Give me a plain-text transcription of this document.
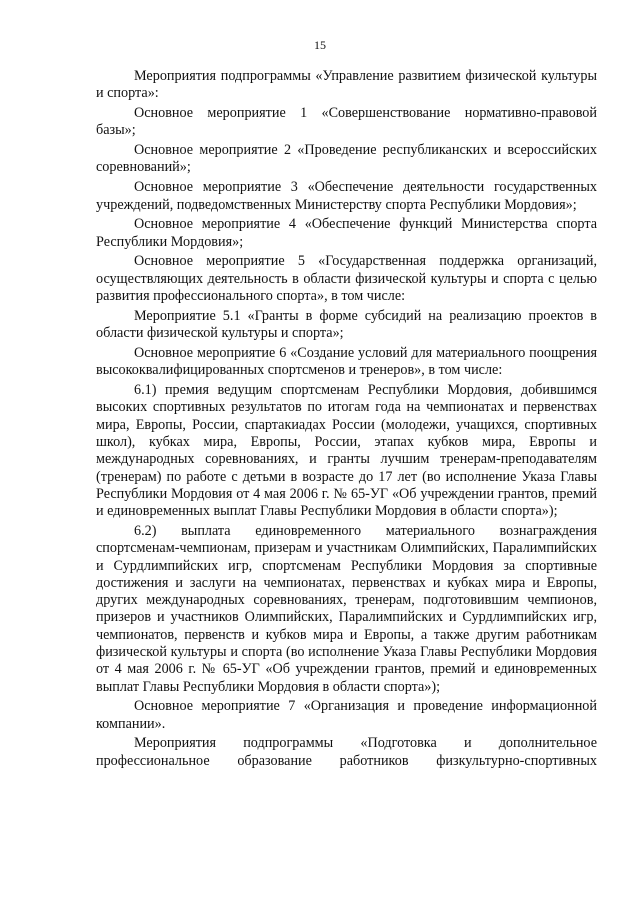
15

Мероприятия подпрограммы «Управление развитием физической культуры и спорта»:

Основное мероприятие 1 «Совершенствование нормативно-правовой базы»;

Основное мероприятие 2 «Проведение республиканских и всероссийских соревнований»;

Основное мероприятие 3 «Обеспечение деятельности государственных учреждений, подведомственных Министерству спорта Республики Мордовия»;

Основное мероприятие 4 «Обеспечение функций Министерства спорта Республики Мордовия»;

Основное мероприятие 5 «Государственная поддержка организаций, осуществляющих деятельность в области физической культуры и спорта с целью развития профессионального спорта», в том числе:

Мероприятие 5.1 «Гранты в форме субсидий на реализацию проектов в области физической культуры и спорта»;

Основное мероприятие 6 «Создание условий для материального поощрения высококвалифицированных спортсменов и тренеров», в том числе:

6.1) премия ведущим спортсменам Республики Мордовия, добившимся высоких спортивных результатов по итогам года на чемпионатах и первенствах мира, Европы, России, спартакиадах России (молодежи, учащихся, спортивных школ), кубках мира, Европы, России, этапах кубков мира, Европы и международных соревнованиях, и гранты лучшим тренерам-преподавателям (тренерам) по работе с детьми в возрасте до 17 лет (во исполнение Указа Главы Республики Мордовия от 4 мая 2006 г. № 65-УГ «Об учреждении грантов, премий и единовременных выплат Главы Республики Мордовия в области спорта»);

6.2) выплата единовременного материального вознаграждения спортсменам-чемпионам, призерам и участникам Олимпийских, Паралимпийских и Сурдлимпийских игр, спортсменам Республики Мордовия за спортивные достижения и заслуги на чемпионатах, первенствах и кубках мира и Европы, других международных соревнованиях, тренерам, подготовившим чемпионов, призеров и участников Олимпийских, Паралимпийских и Сурдлимпийских игр, чемпионатов, первенств и кубков мира и Европы, а также другим работникам физической культуры и спорта (во исполнение Указа Главы Республики Мордовия от 4 мая 2006 г. № 65-УГ «Об учреждении грантов, премий и единовременных выплат Главы Республики Мордовия в области спорта»);

Основное мероприятие 7 «Организация и проведение информационной компании».

Мероприятия подпрограммы «Подготовка и дополнительное профессиональное образование работников физкультурно-спортивных
